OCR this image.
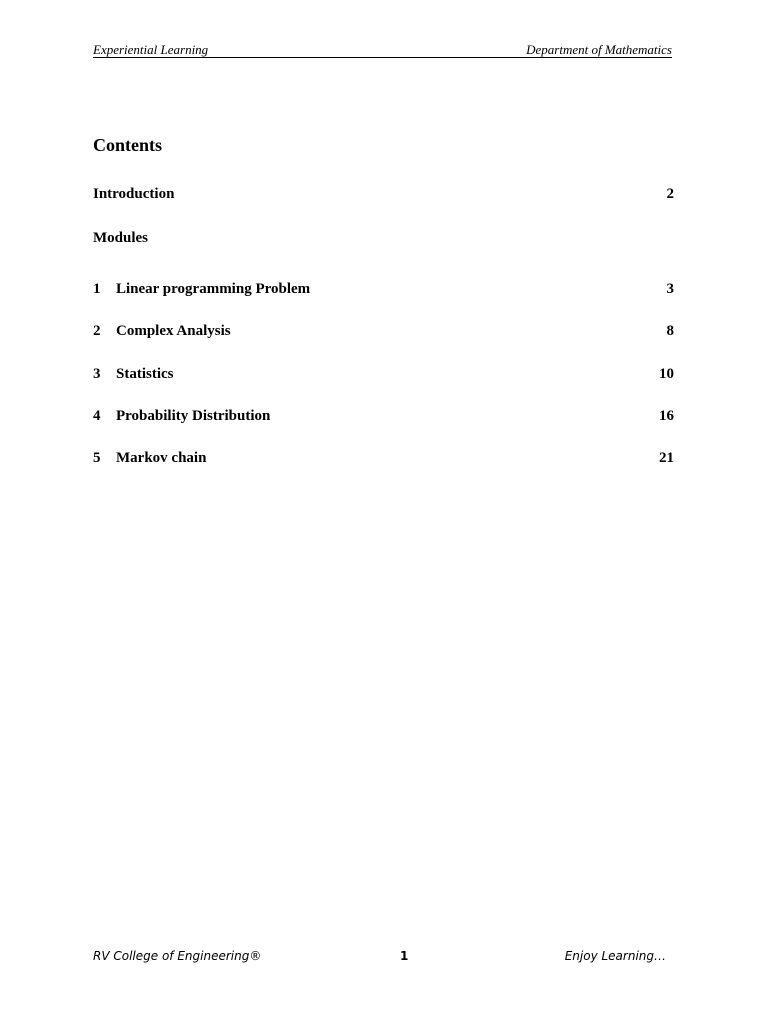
Experiential Learning	Department of Mathematics
Contents
Introduction	2
Modules
1 Linear programming Problem	3
2 Complex Analysis	8
3 Statistics	10
4 Probability Distribution	16
5 Markov chain	21
RV College of Engineering®	1	Enjoy Learning…
